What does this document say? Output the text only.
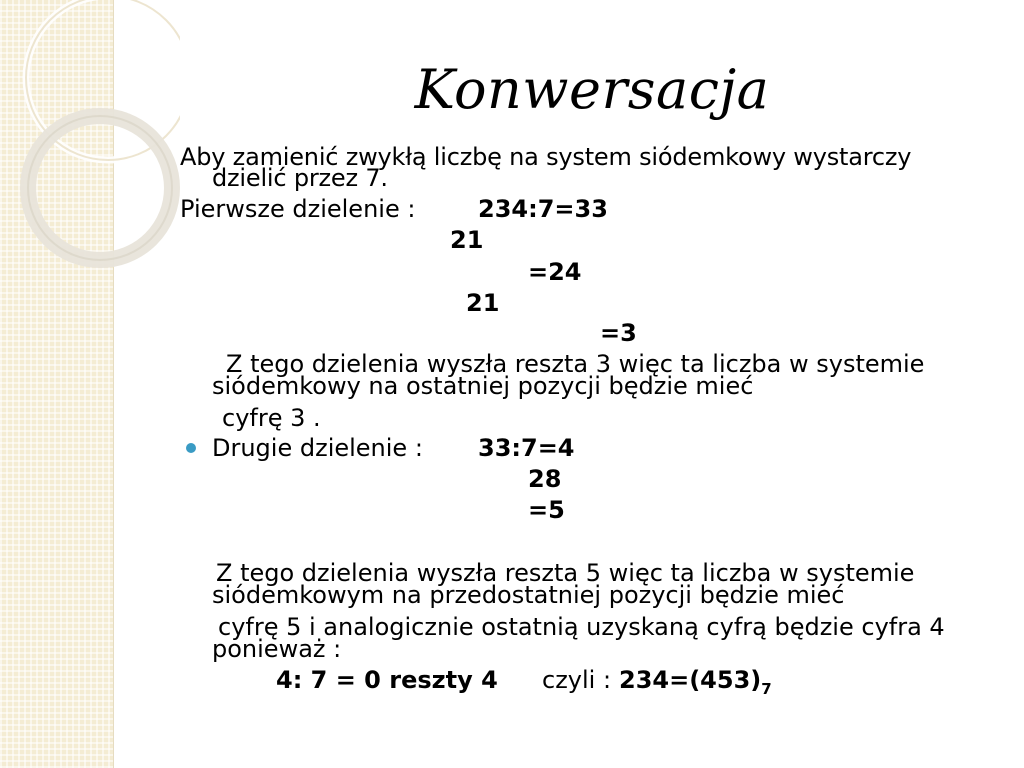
Konwersacja
Aby zamienić zwykłą liczbę na system siódemkowy wystarczy
dzielić przez 7.
Pierwsze dzielenie :	234:7=33
21
=24
21
=3
Z tego dzielenia wyszła reszta 3 więc ta liczba w systemie
siódemkowy na ostatniej pozycji będzie mieć
cyfrę 3 .
Drugie dzielenie : 33:7=4
28
=5
Z tego dzielenia wyszła reszta 5 więc ta liczba w systemie
siódemkowym na przedostatniej pozycji będzie mieć
cyfrę 5 i analogicznie ostatnią uzyskaną cyfrą będzie cyfra 4
ponieważ :
4: 7 = 0 reszty 4 czyli : $234=(453)_7$
